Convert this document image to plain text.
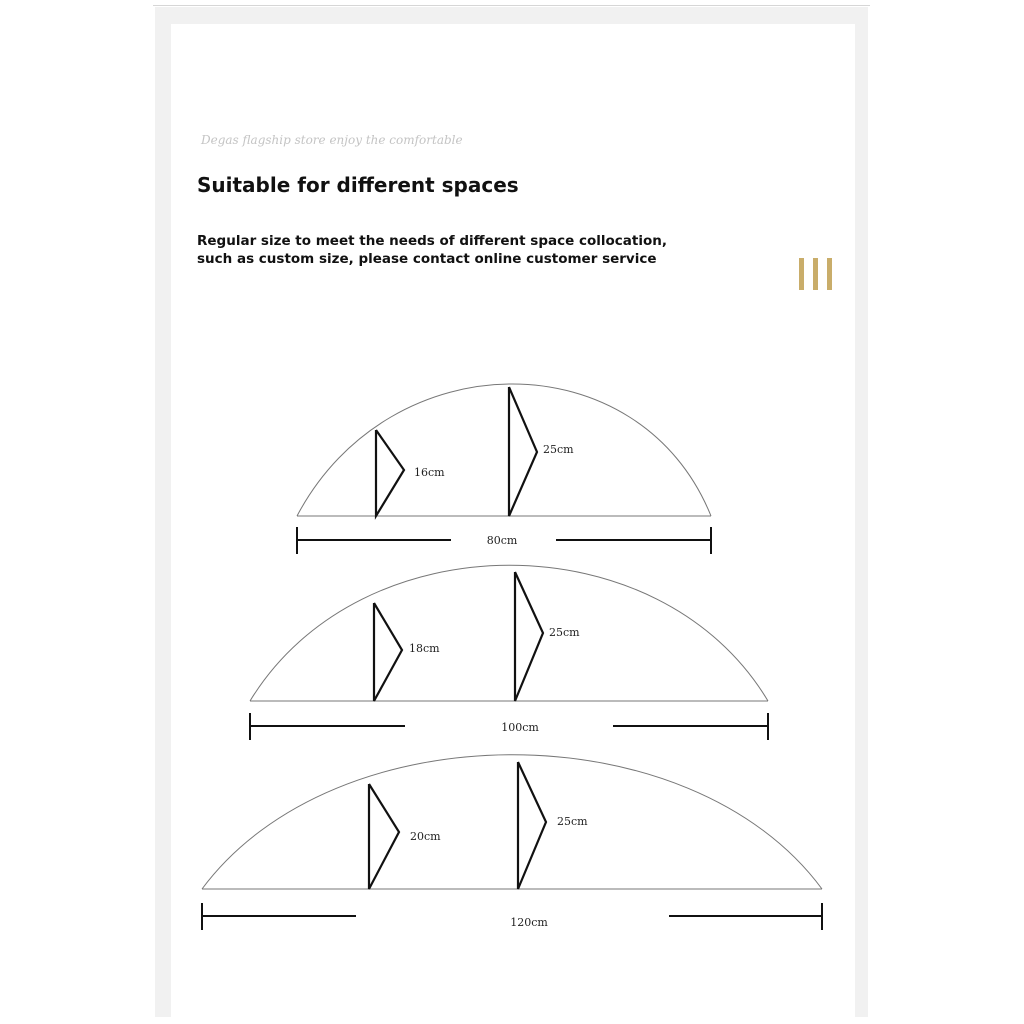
Degas flagship store enjoy the comfortable
Suitable for different spaces
Regular size to meet the needs of different space collocation,
such as custom size, please contact online customer service
16cm
25cm
80cm
18cm
25cm
100cm
20cm
25cm
120cm
